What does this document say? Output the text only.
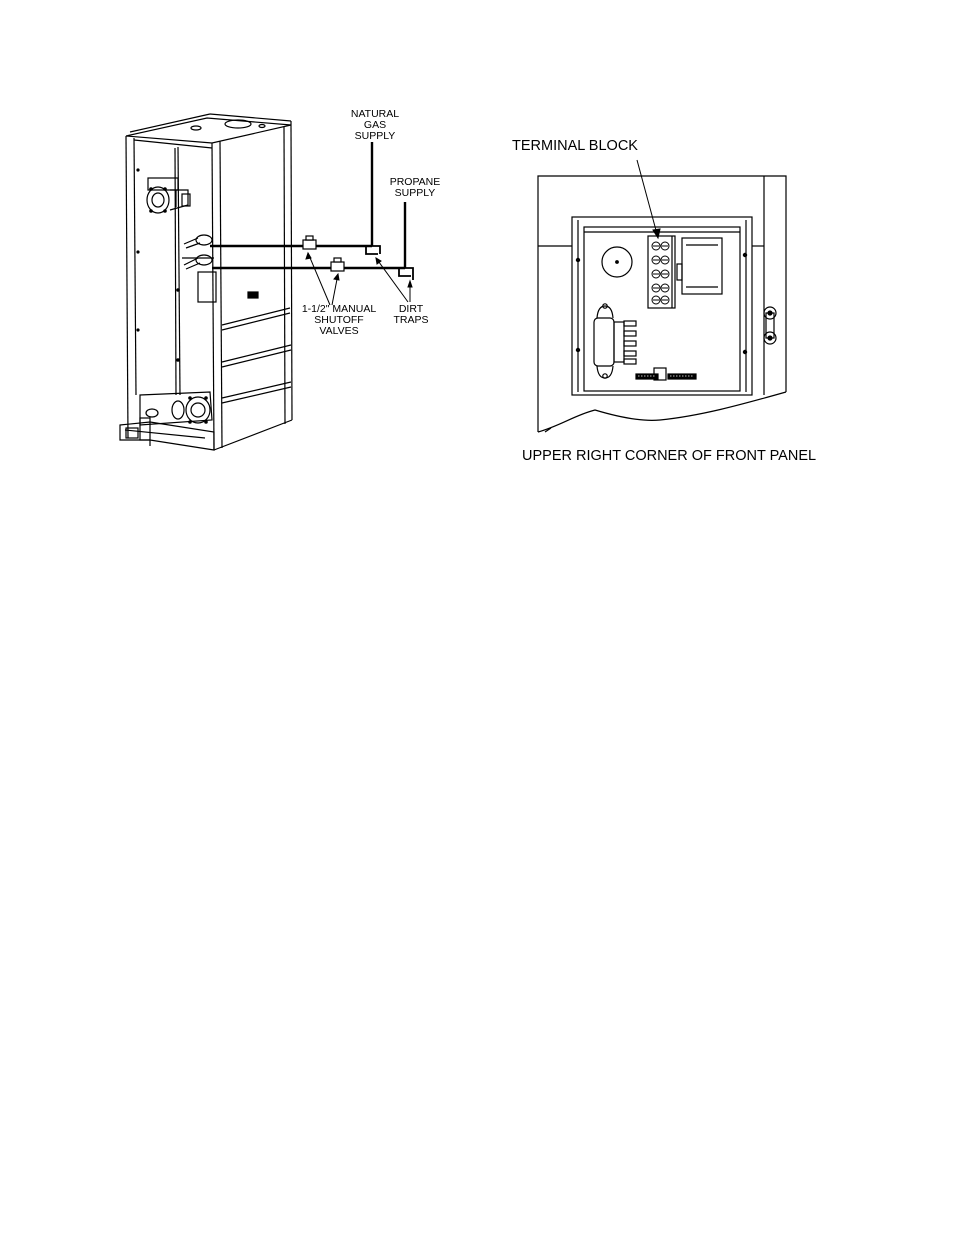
NATURAL
GAS
SUPPLY
PROPANE
SUPPLY
1-1/2" MANUAL
SHUTOFF
VALVES
DIRT
TRAPS
TERMINAL BLOCK
UPPER RIGHT CORNER OF FRONT PANEL
